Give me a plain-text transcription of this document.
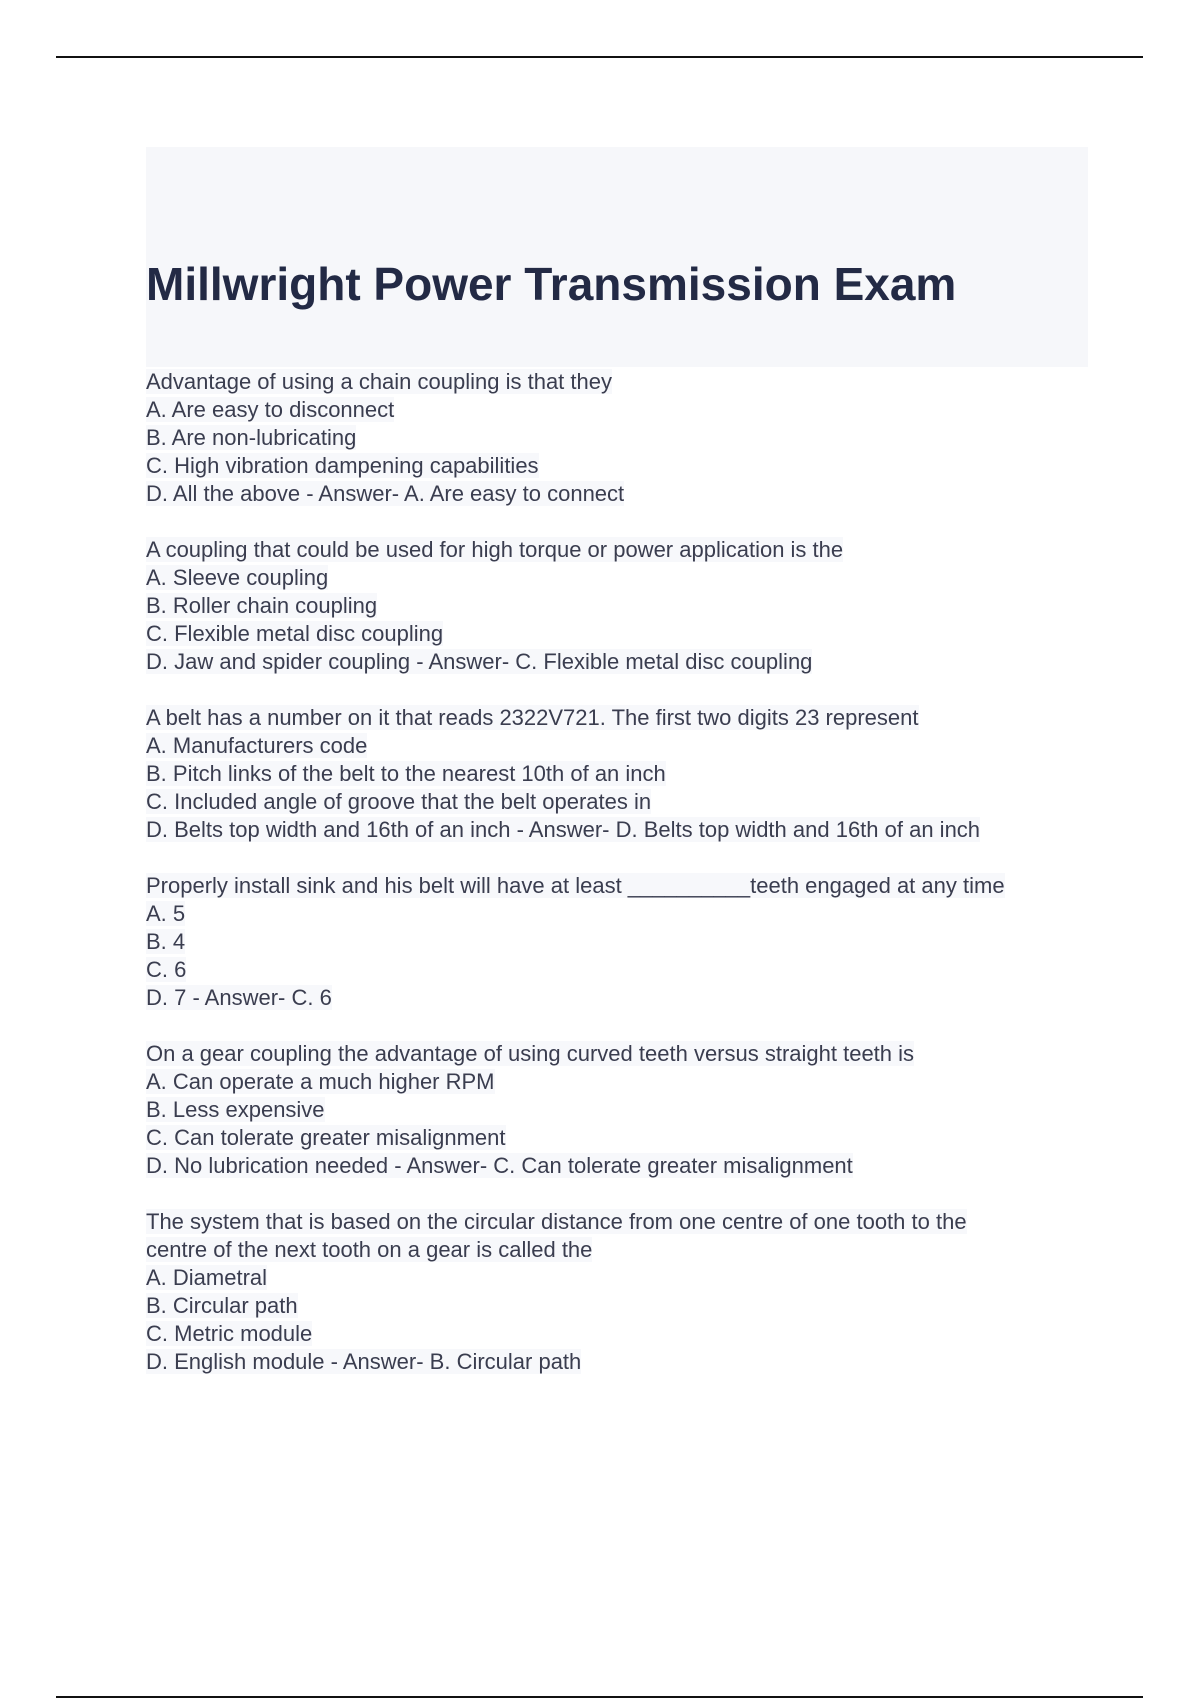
Millwright Power Transmission Exam
Advantage of using a chain coupling is that they
A. Are easy to disconnect
B. Are non-lubricating
C. High vibration dampening capabilities
D. All the above - Answer- A. Are easy to connect
A coupling that could be used for high torque or power application is the
A. Sleeve coupling
B. Roller chain coupling
C. Flexible metal disc coupling
D. Jaw and spider coupling - Answer- C. Flexible metal disc coupling
A belt has a number on it that reads 2322V721. The first two digits 23 represent
A. Manufacturers code
B. Pitch links of the belt to the nearest 10th of an inch
C. Included angle of groove that the belt operates in
D. Belts top width and 16th of an inch - Answer- D. Belts top width and 16th of an inch
Properly install sink and his belt will have at least __________teeth engaged at any time
A. 5
B. 4
C. 6
D. 7 - Answer- C. 6
On a gear coupling the advantage of using curved teeth versus straight teeth is
A. Can operate a much higher RPM
B. Less expensive
C. Can tolerate greater misalignment
D. No lubrication needed - Answer- C. Can tolerate greater misalignment
The system that is based on the circular distance from one centre of one tooth to the
centre of the next tooth on a gear is called the
A. Diametral
B. Circular path
C. Metric module
D. English module - Answer- B. Circular path
